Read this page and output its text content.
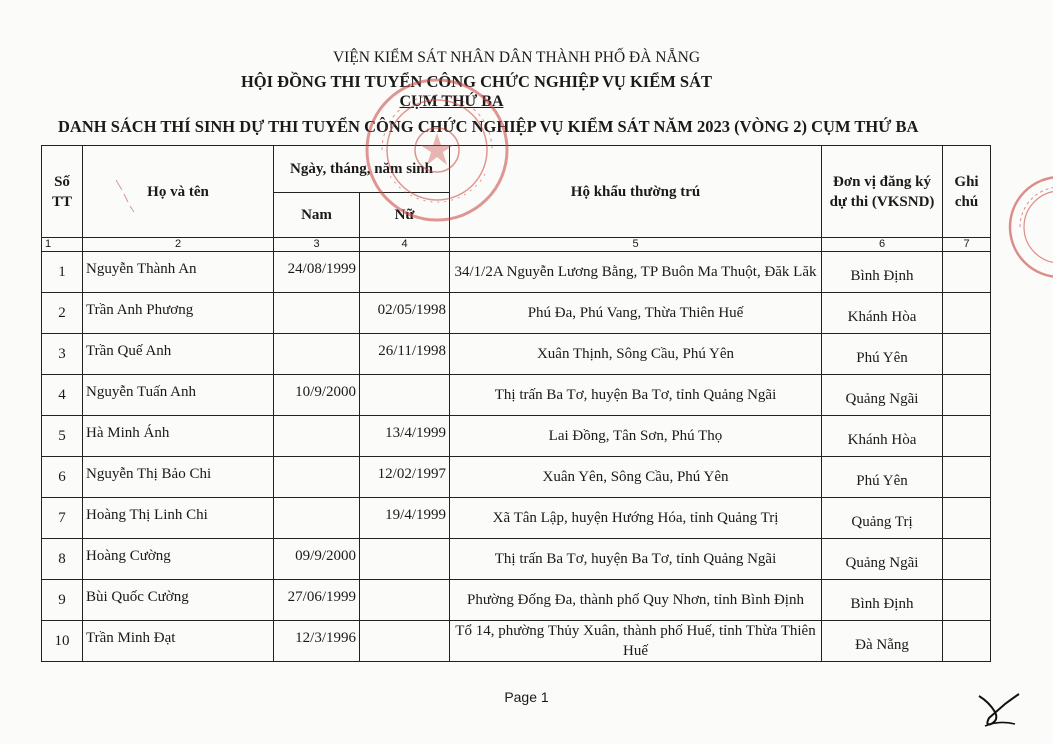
VIỆN KIỂM SÁT NHÂN DÂN THÀNH PHỐ ĐÀ NẴNG
HỘI ĐỒNG THI TUYỂN CÔNG CHỨC NGHIỆP VỤ KIỂM SÁT
CỤM THỨ BA
DANH SÁCH THÍ SINH DỰ THI TUYỂN CÔNG CHỨC NGHIỆP VỤ KIỂM SÁT NĂM 2023 (VÒNG 2) CỤM THỨ BA
Số
TT	Họ và tên	Ngày, tháng, năm sinh		Hộ khẩu thường trú	Đơn vị đăng ký
dự thi (VKSND)	Ghi
chú
		Nam	Nữ			
1	2	3	4	5	6	7
1	Nguyễn Thành An	24/08/1999		34/1/2A Nguyễn Lương Bằng, TP Buôn Ma Thuột, Đăk Lăk	Bình Định	
2	Trần Anh Phương		02/05/1998	Phú Đa, Phú Vang, Thừa Thiên Huế	Khánh Hòa	
3	Trần Quế Anh		26/11/1998	Xuân Thịnh, Sông Cầu, Phú Yên	Phú Yên	
4	Nguyễn Tuấn Anh	10/9/2000		Thị trấn Ba Tơ, huyện Ba Tơ, tỉnh Quảng Ngãi	Quảng Ngãi	
5	Hà Minh Ánh		13/4/1999	Lai Đồng, Tân Sơn, Phú Thọ	Khánh Hòa	
6	Nguyễn Thị Bảo Chi		12/02/1997	Xuân Yên, Sông Cầu, Phú Yên	Phú Yên	
7	Hoàng Thị Linh Chi		19/4/1999	Xã Tân Lập, huyện Hướng Hóa, tỉnh Quảng Trị	Quảng Trị	
8	Hoàng Cường	09/9/2000		Thị trấn Ba Tơ, huyện Ba Tơ, tỉnh Quảng Ngãi	Quảng Ngãi	
9	Bùi Quốc Cường	27/06/1999		Phường Đống Đa, thành phố Quy Nhơn, tỉnh Bình Định	Bình Định	
10	Trần Minh Đạt	12/3/1996		Tổ 14, phường Thủy Xuân, thành phố Huế, tỉnh Thừa Thiên Huế	Đà Nẵng	
Page 1
